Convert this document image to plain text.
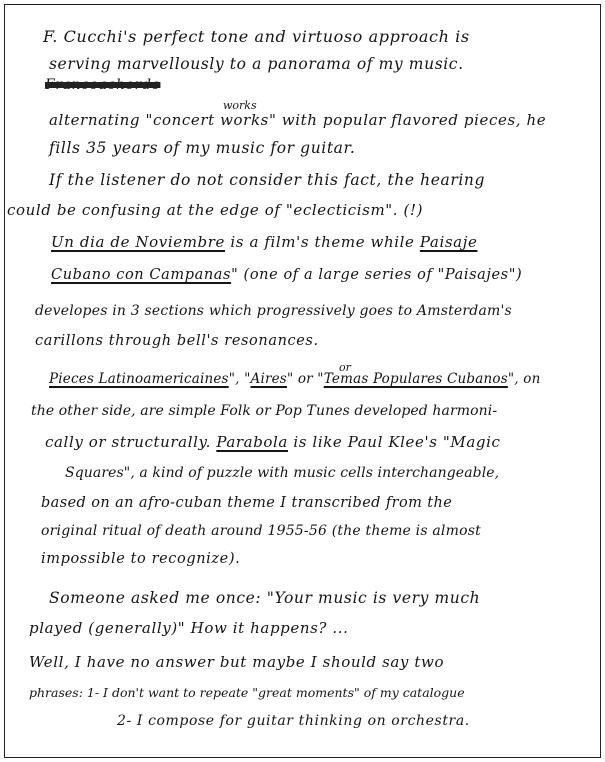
F. Cucchi's perfect tone and virtuoso approach is
serving marvellously to a panorama of my music.
Francoachorde
works
alternating "concert works" with popular flavored pieces, he
fills 35 years of my music for guitar.
If the listener do not consider this fact, the hearing
could be confusing at the edge of "eclecticism". (!)
Un dia de Noviembre is a film's theme while Paisaje
Cubano con Campanas" (one of a large series of "Paisajes")
developes in 3 sections which progressively goes to Amsterdam's
carillons through bell's resonances.
or
Pieces Latinoamericaines", "Aires" or "Temas Populares Cubanos", on
the other side, are simple Folk or Pop Tunes developed harmoni-
cally or structurally. Parabola is like Paul Klee's "Magic
Squares", a kind of puzzle with music cells interchangeable,
based on an afro-cuban theme I transcribed from the
original ritual of death around 1955-56 (the theme is almost
impossible to recognize).
Someone asked me once: "Your music is very much
played (generally)" How it happens? ...
Well, I have no answer but maybe I should say two
phrases: 1- I don't want to repeate "great moments" of my catalogue
2- I compose for guitar thinking on orchestra.
